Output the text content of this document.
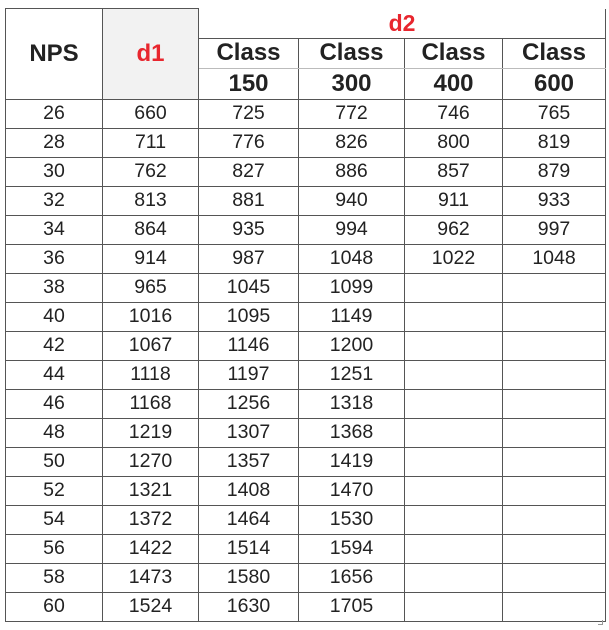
NPS	d1	d2			
		Class	Class	Class	Class
		150	300	400	600
26	660	725	772	746	765
28	711	776	826	800	819
30	762	827	886	857	879
32	813	881	940	911	933
34	864	935	994	962	997
36	914	987	1048	1022	1048
38	965	1045	1099		
40	1016	1095	1149		
42	1067	1146	1200		
44	1118	1197	1251		
46	1168	1256	1318		
48	1219	1307	1368		
50	1270	1357	1419		
52	1321	1408	1470		
54	1372	1464	1530		
56	1422	1514	1594		
58	1473	1580	1656		
60	1524	1630	1705		
